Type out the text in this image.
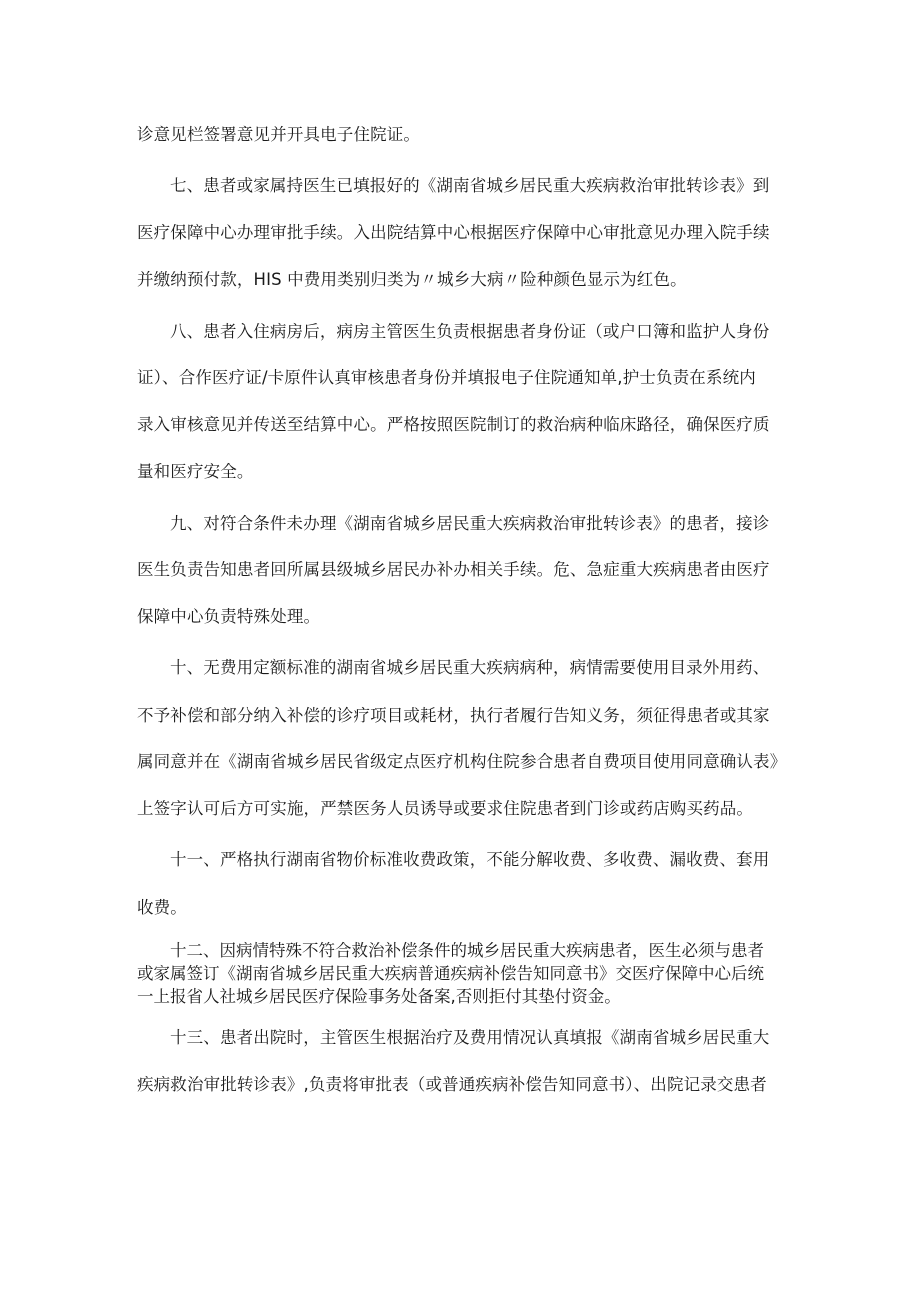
诊意见栏签署意见并开具电子住院证。
七、患者或家属持医生已填报好的《湖南省城乡居民重大疾病救治审批转诊表》到
医疗保障中心办理审批手续。入出院结算中心根据医疗保障中心审批意见办理入院手续
并缴纳预付款，HIS 中费用类别归类为〃城乡大病〃险种颜色显示为红色。
八、患者入住病房后，病房主管医生负责根据患者身份证（或户口簿和监护人身份
证）、合作医疗证/卡原件认真审核患者身份并填报电子住院通知单,护士负责在系统内
录入审核意见并传送至结算中心。严格按照医院制订的救治病种临床路径，确保医疗质
量和医疗安全。
九、对符合条件未办理《湖南省城乡居民重大疾病救治审批转诊表》的患者，接诊
医生负责告知患者回所属县级城乡居民办补办相关手续。危、急症重大疾病患者由医疗
保障中心负责特殊处理。
十、无费用定额标准的湖南省城乡居民重大疾病病种，病情需要使用目录外用药、
不予补偿和部分纳入补偿的诊疗项目或耗材，执行者履行告知义务，须征得患者或其家
属同意并在《湖南省城乡居民省级定点医疗机构住院参合患者自费项目使用同意确认表》
上签字认可后方可实施，严禁医务人员诱导或要求住院患者到门诊或药店购买药品。
十一、严格执行湖南省物价标准收费政策，不能分解收费、多收费、漏收费、套用
收费。
十二、因病情特殊不符合救治补偿条件的城乡居民重大疾病患者，医生必须与患者
或家属签订《湖南省城乡居民重大疾病普通疾病补偿告知同意书》交医疗保障中心后统
一上报省人社城乡居民医疗保险事务处备案,否则拒付其垫付资金。
十三、患者出院时，主管医生根据治疗及费用情况认真填报《湖南省城乡居民重大
疾病救治审批转诊表》,负责将审批表（或普通疾病补偿告知同意书）、出院记录交患者
